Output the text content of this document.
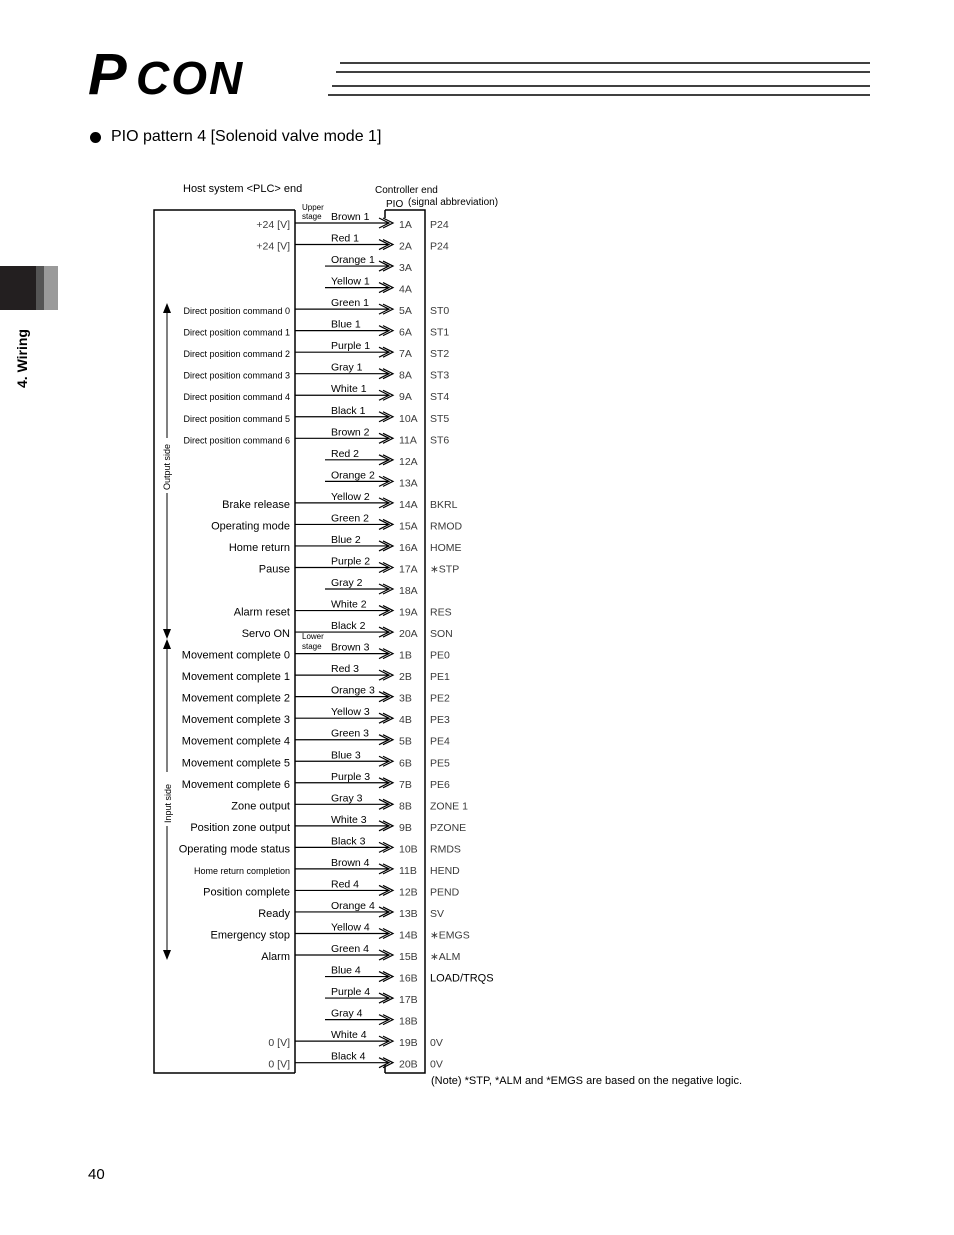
P CON
4. Wiring
PIO pattern 4 [Solenoid valve mode 1]
Host system <PLC> end	Controller end
PIO (signal abbreviation)
Upper
stage
Lower
stage
Output side
Input side
Brown 1
1A P24
+24 [V]
Red 1
2A P24
+24 [V]
Orange 1
3A
Yellow 1
4A
Green 1
5A ST0
Direct position command 0
Blue 1
6A ST1
Direct position command 1
Purple 1
7A ST2
Direct position command 2
Gray 1
8A ST3
Direct position command 3
White 1
9A ST4
Direct position command 4
Black 1
10A ST5
Direct position command 5
Brown 2
11A ST6
Direct position command 6
Red 2
12A
Orange 2
13A
Yellow 2
14A BKRL
Brake release
Green 2
15A RMOD
Operating mode
Blue 2
16A HOME
Home return
Purple 2
17A ∗STP
Pause
Gray 2
18A
White 2
19A RES
Alarm reset
Black 2
20A SON
Servo ON
Brown 3
1B PE0
Movement complete 0
Red 3
2B PE1
Movement complete 1
Orange 3
3B PE2
Movement complete 2
Yellow 3
4B PE3
Movement complete 3
Green 3
5B PE4
Movement complete 4
Blue 3
6B PE5
Movement complete 5
Purple 3
7B PE6
Movement complete 6
Gray 3
8B ZONE 1
Zone output
White 3
9B PZONE
Position zone output
Black 3
10B RMDS
Operating mode status
Brown 4
11B HEND
Home return completion
Red 4
12B PEND
Position complete
Orange 4
13B SV
Ready
Yellow 4
14B ∗EMGS
Emergency stop
Green 4
15B ∗ALM
Alarm
Blue 4
16B LOAD/TRQS
Purple 4
17B
Gray 4
18B
White 4
19B 0V
0 [V]
Black 4
20B 0V
0 [V]
(Note) *STP, *ALM and *EMGS are based on the negative logic.
40
